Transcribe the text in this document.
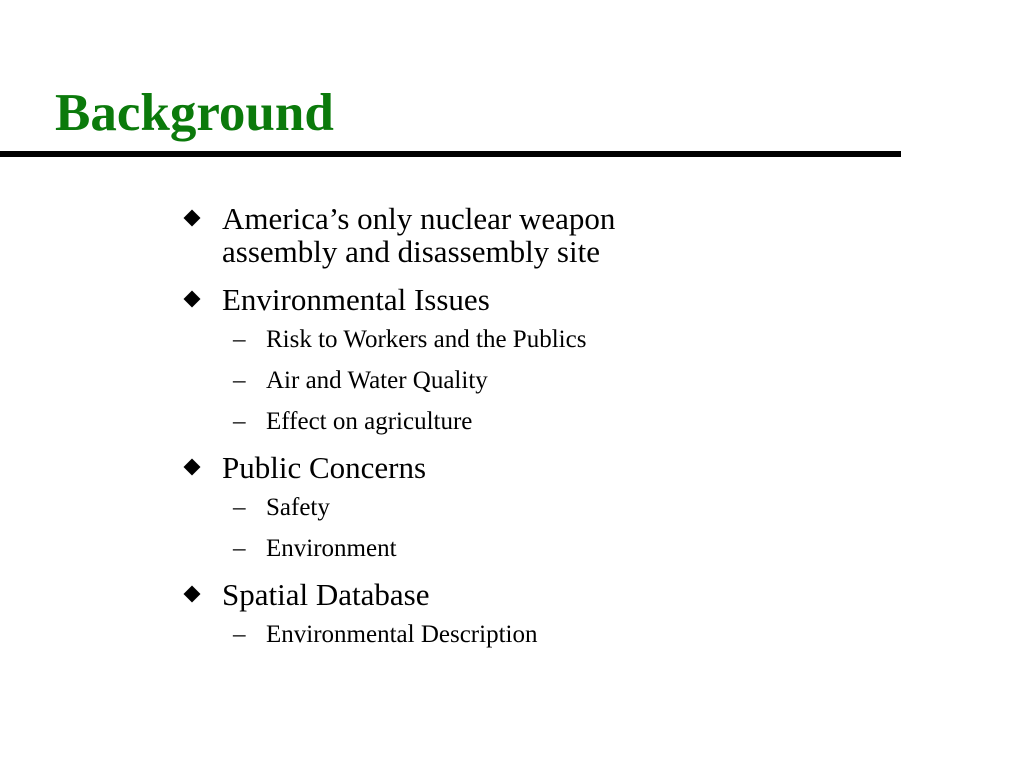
Background
America’s only nuclear weapon
assembly and disassembly site
Environmental Issues
– Risk to Workers and the Publics
– Air and Water Quality
– Effect on agriculture
Public Concerns
– Safety
– Environment
Spatial Database
– Environmental Description
